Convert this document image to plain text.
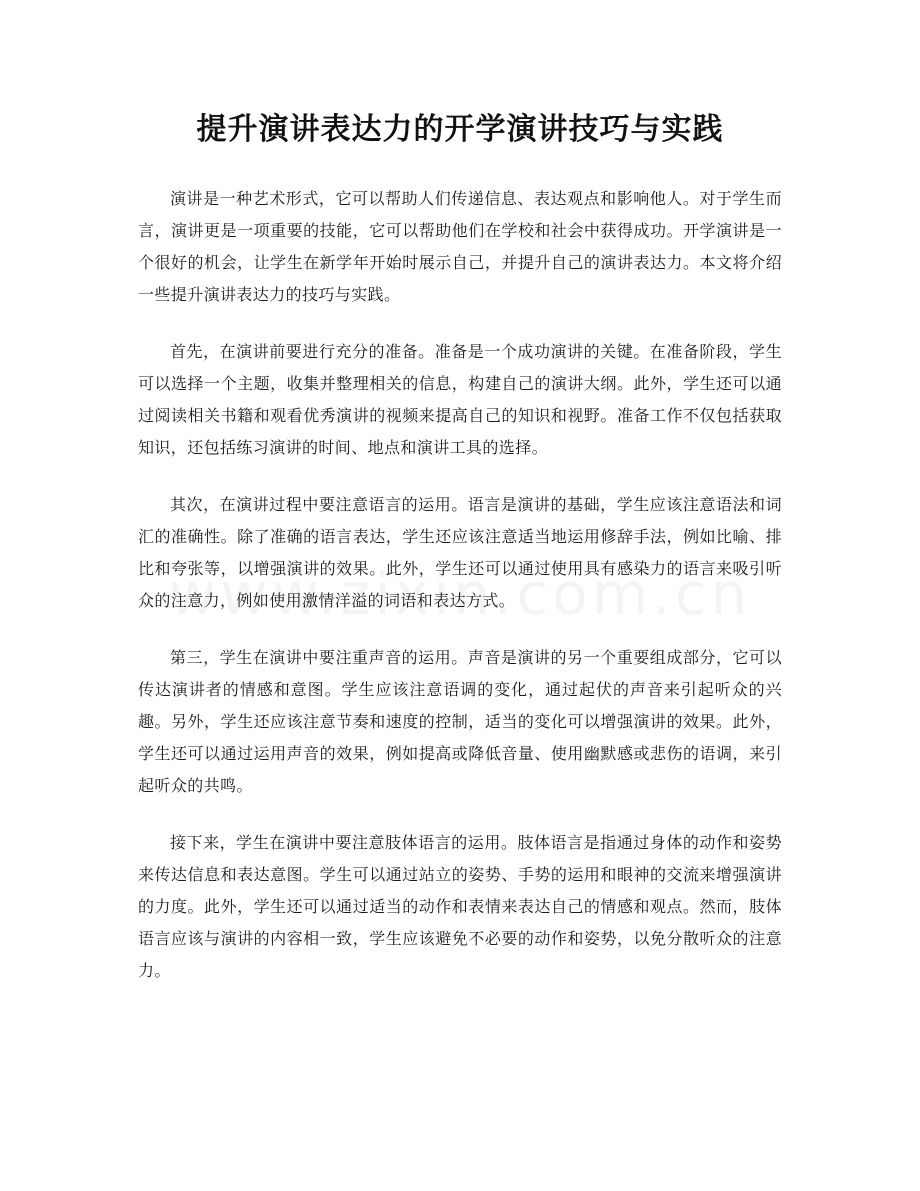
提升演讲表达力的开学演讲技巧与实践

演讲是一种艺术形式，它可以帮助人们传递信息、表达观点和影响他人。对于学生而言，演讲更是一项重要的技能，它可以帮助他们在学校和社会中获得成功。开学演讲是一个很好的机会，让学生在新学年开始时展示自己，并提升自己的演讲表达力。本文将介绍一些提升演讲表达力的技巧与实践。

首先，在演讲前要进行充分的准备。准备是一个成功演讲的关键。在准备阶段，学生可以选择一个主题，收集并整理相关的信息，构建自己的演讲大纲。此外，学生还可以通过阅读相关书籍和观看优秀演讲的视频来提高自己的知识和视野。准备工作不仅包括获取知识，还包括练习演讲的时间、地点和演讲工具的选择。

其次，在演讲过程中要注意语言的运用。语言是演讲的基础，学生应该注意语法和词汇的准确性。除了准确的语言表达，学生还应该注意适当地运用修辞手法，例如比喻、排比和夸张等，以增强演讲的效果。此外，学生还可以通过使用具有感染力的语言来吸引听众的注意力，例如使用激情洋溢的词语和表达方式。

第三，学生在演讲中要注重声音的运用。声音是演讲的另一个重要组成部分，它可以传达演讲者的情感和意图。学生应该注意语调的变化，通过起伏的声音来引起听众的兴趣。另外，学生还应该注意节奏和速度的控制，适当的变化可以增强演讲的效果。此外，学生还可以通过运用声音的效果，例如提高或降低音量、使用幽默感或悲伤的语调，来引起听众的共鸣。

接下来，学生在演讲中要注意肢体语言的运用。肢体语言是指通过身体的动作和姿势来传达信息和表达意图。学生可以通过站立的姿势、手势的运用和眼神的交流来增强演讲的力度。此外，学生还可以通过适当的动作和表情来表达自己的情感和观点。然而，肢体语言应该与演讲的内容相一致，学生应该避免不必要的动作和姿势，以免分散听众的注意力。
